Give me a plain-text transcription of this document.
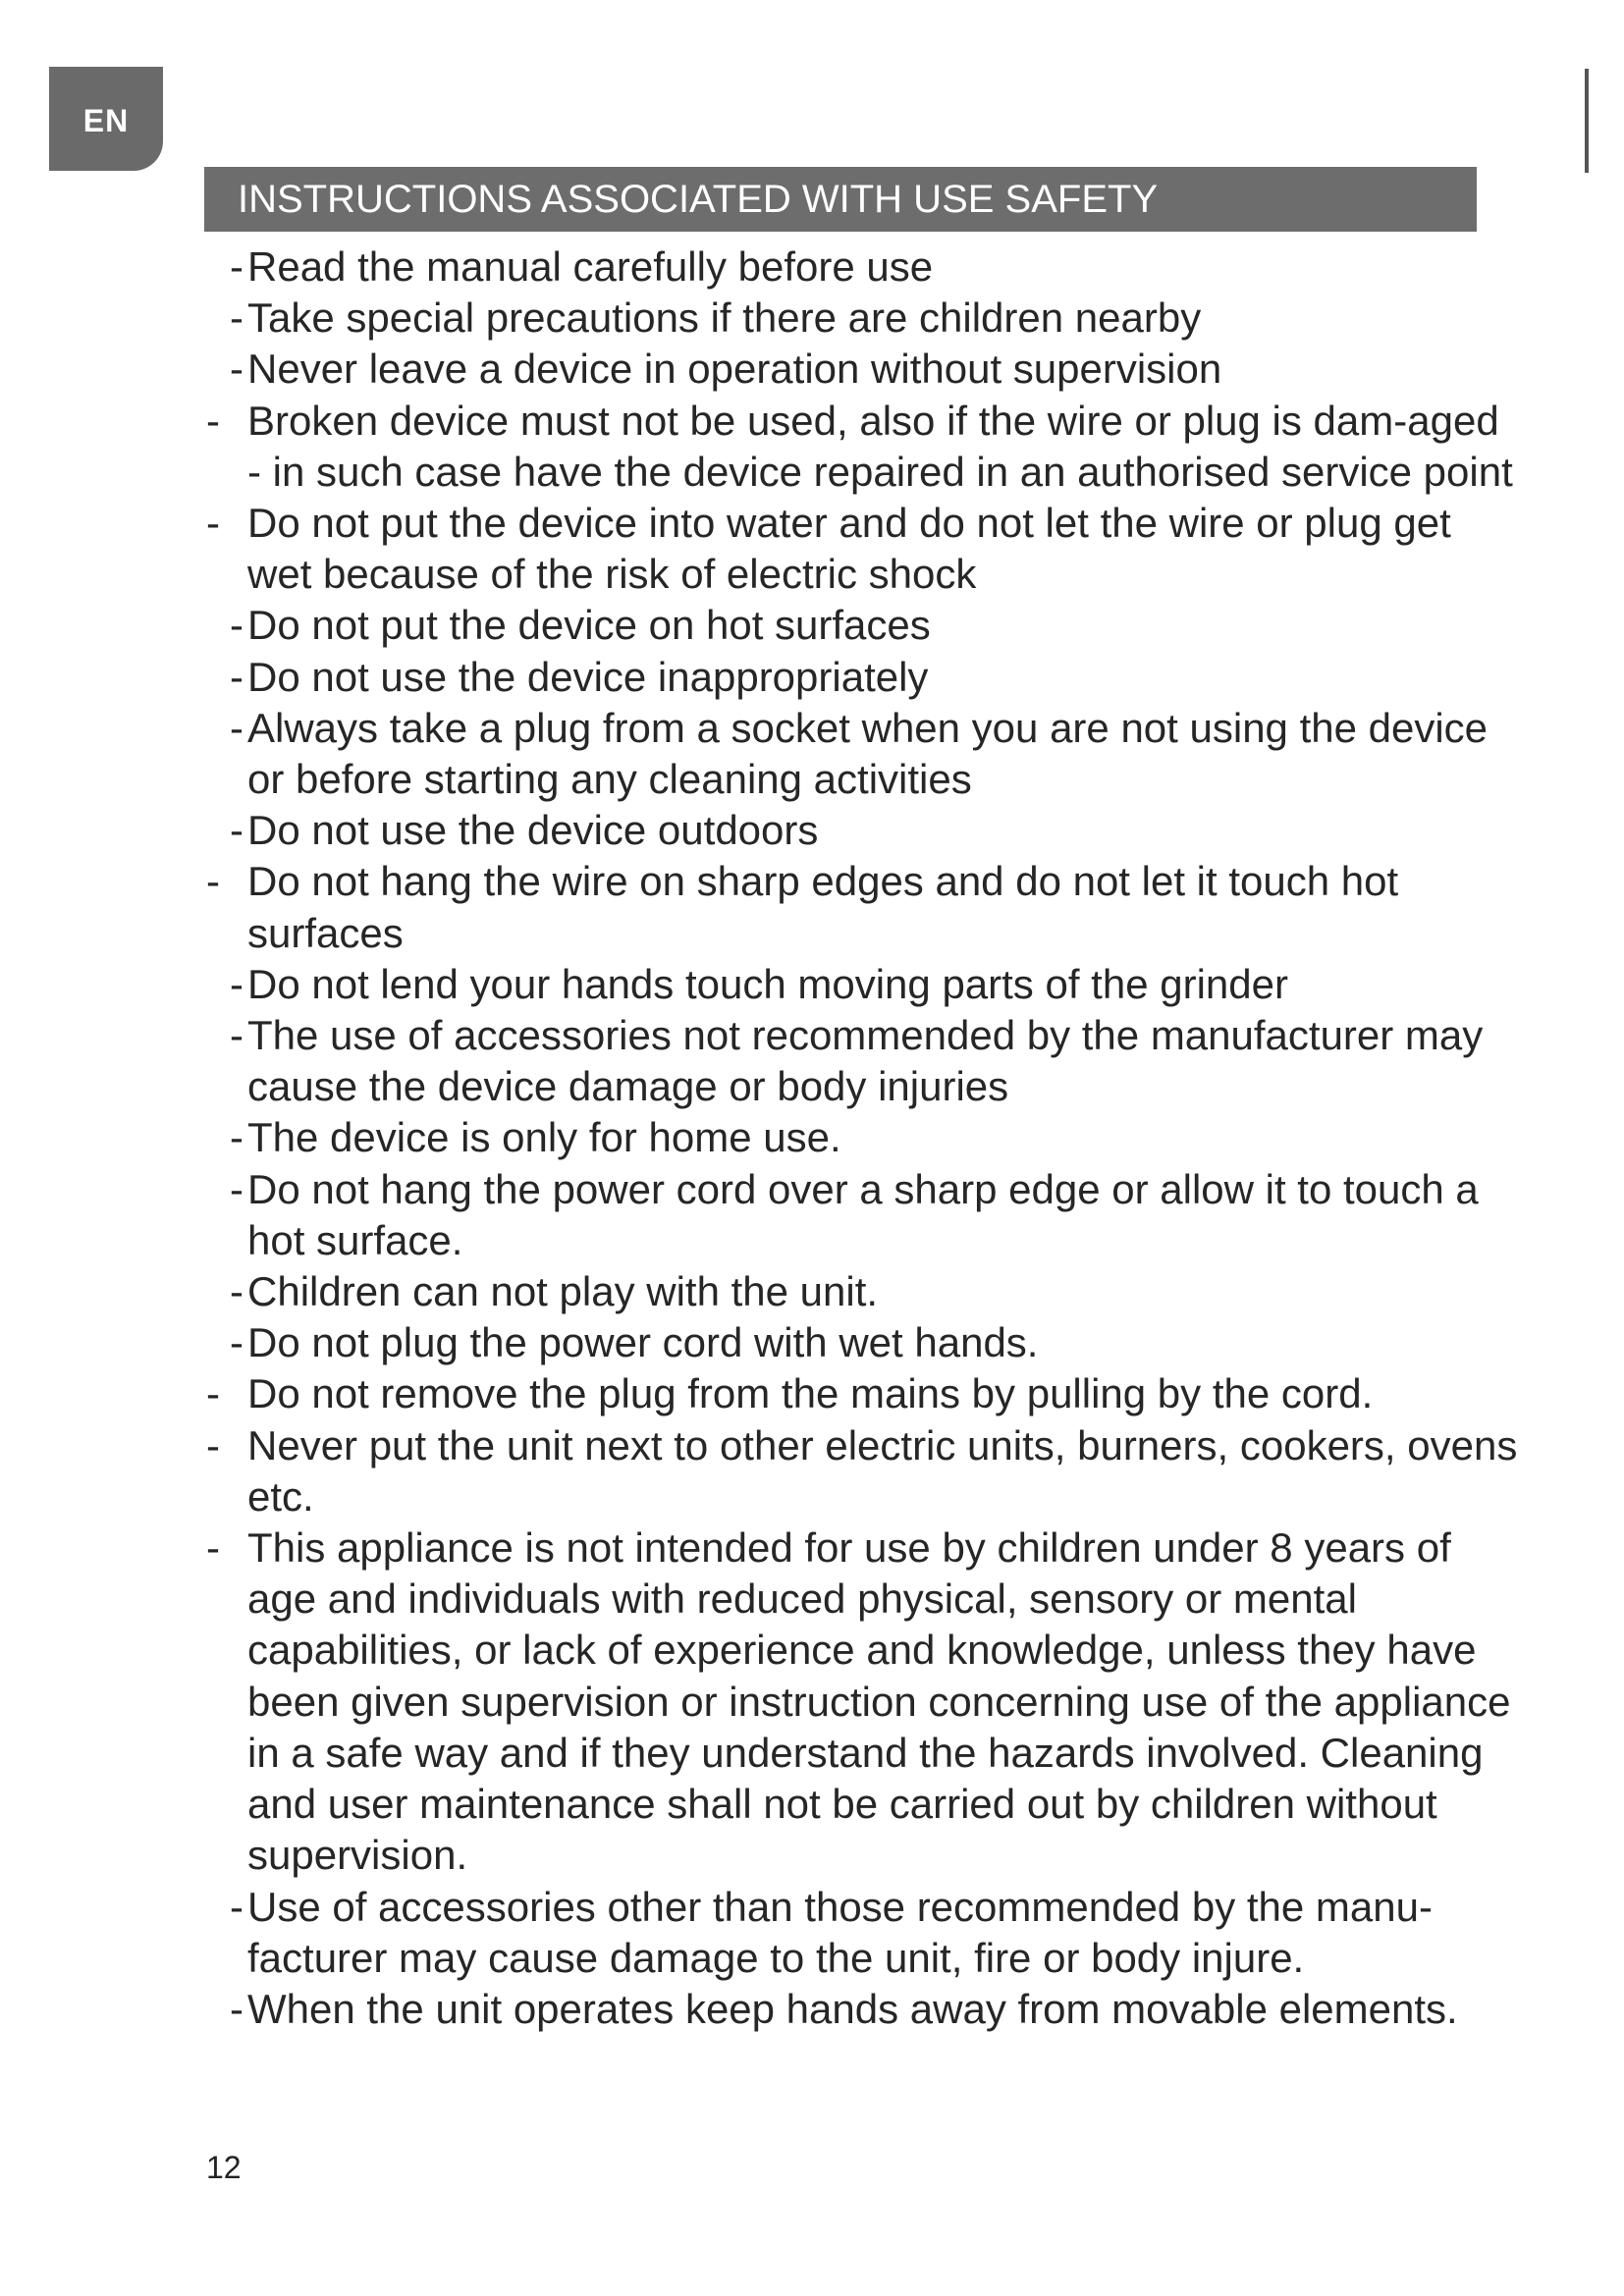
EN
INSTRUCTIONS ASSOCIATED WITH USE SAFETY
- Read the manual carefully before use
- Take special precautions if there are children nearby
- Never leave a device in operation without supervision
- Broken device must not be used, also if the wire or plug is dam-aged - in such case have the device repaired in an authorised service point
- Do not put the device into water and do not let the wire or plug get wet because of the risk of electric shock
- Do not put the device on hot surfaces
- Do not use the device inappropriately
- Always take a plug from a socket when you are not using the device or before starting any cleaning activities
- Do not use the device outdoors
- Do not hang the wire on sharp edges and do not let it touch hot surfaces
- Do not lend your hands touch moving parts of the grinder
- The use of accessories not recommended by the manufacturer may cause the device damage or body injuries
- The device is only for home use.
- Do not hang the power cord over a sharp edge or allow it to touch a hot surface.
- Children can not play with the unit.
- Do not plug the power cord with wet hands.
- Do not remove the plug from the mains by pulling by the cord.
- Never put the unit next to other electric units, burners, cookers, ovens etc.
- This appliance is not intended for use by children under 8 years of age and individuals with reduced physical, sensory or mental capabilities, or lack of experience and knowledge, unless they have been given supervision or instruction concerning use of the appliance in a safe way and if they understand the hazards involved. Cleaning and user maintenance shall not be carried out by children without supervision.
- Use of accessories other than those recommended by the manu-facturer may cause damage to the unit, fire or body injure.
- When the unit operates keep hands away from movable elements.
12
